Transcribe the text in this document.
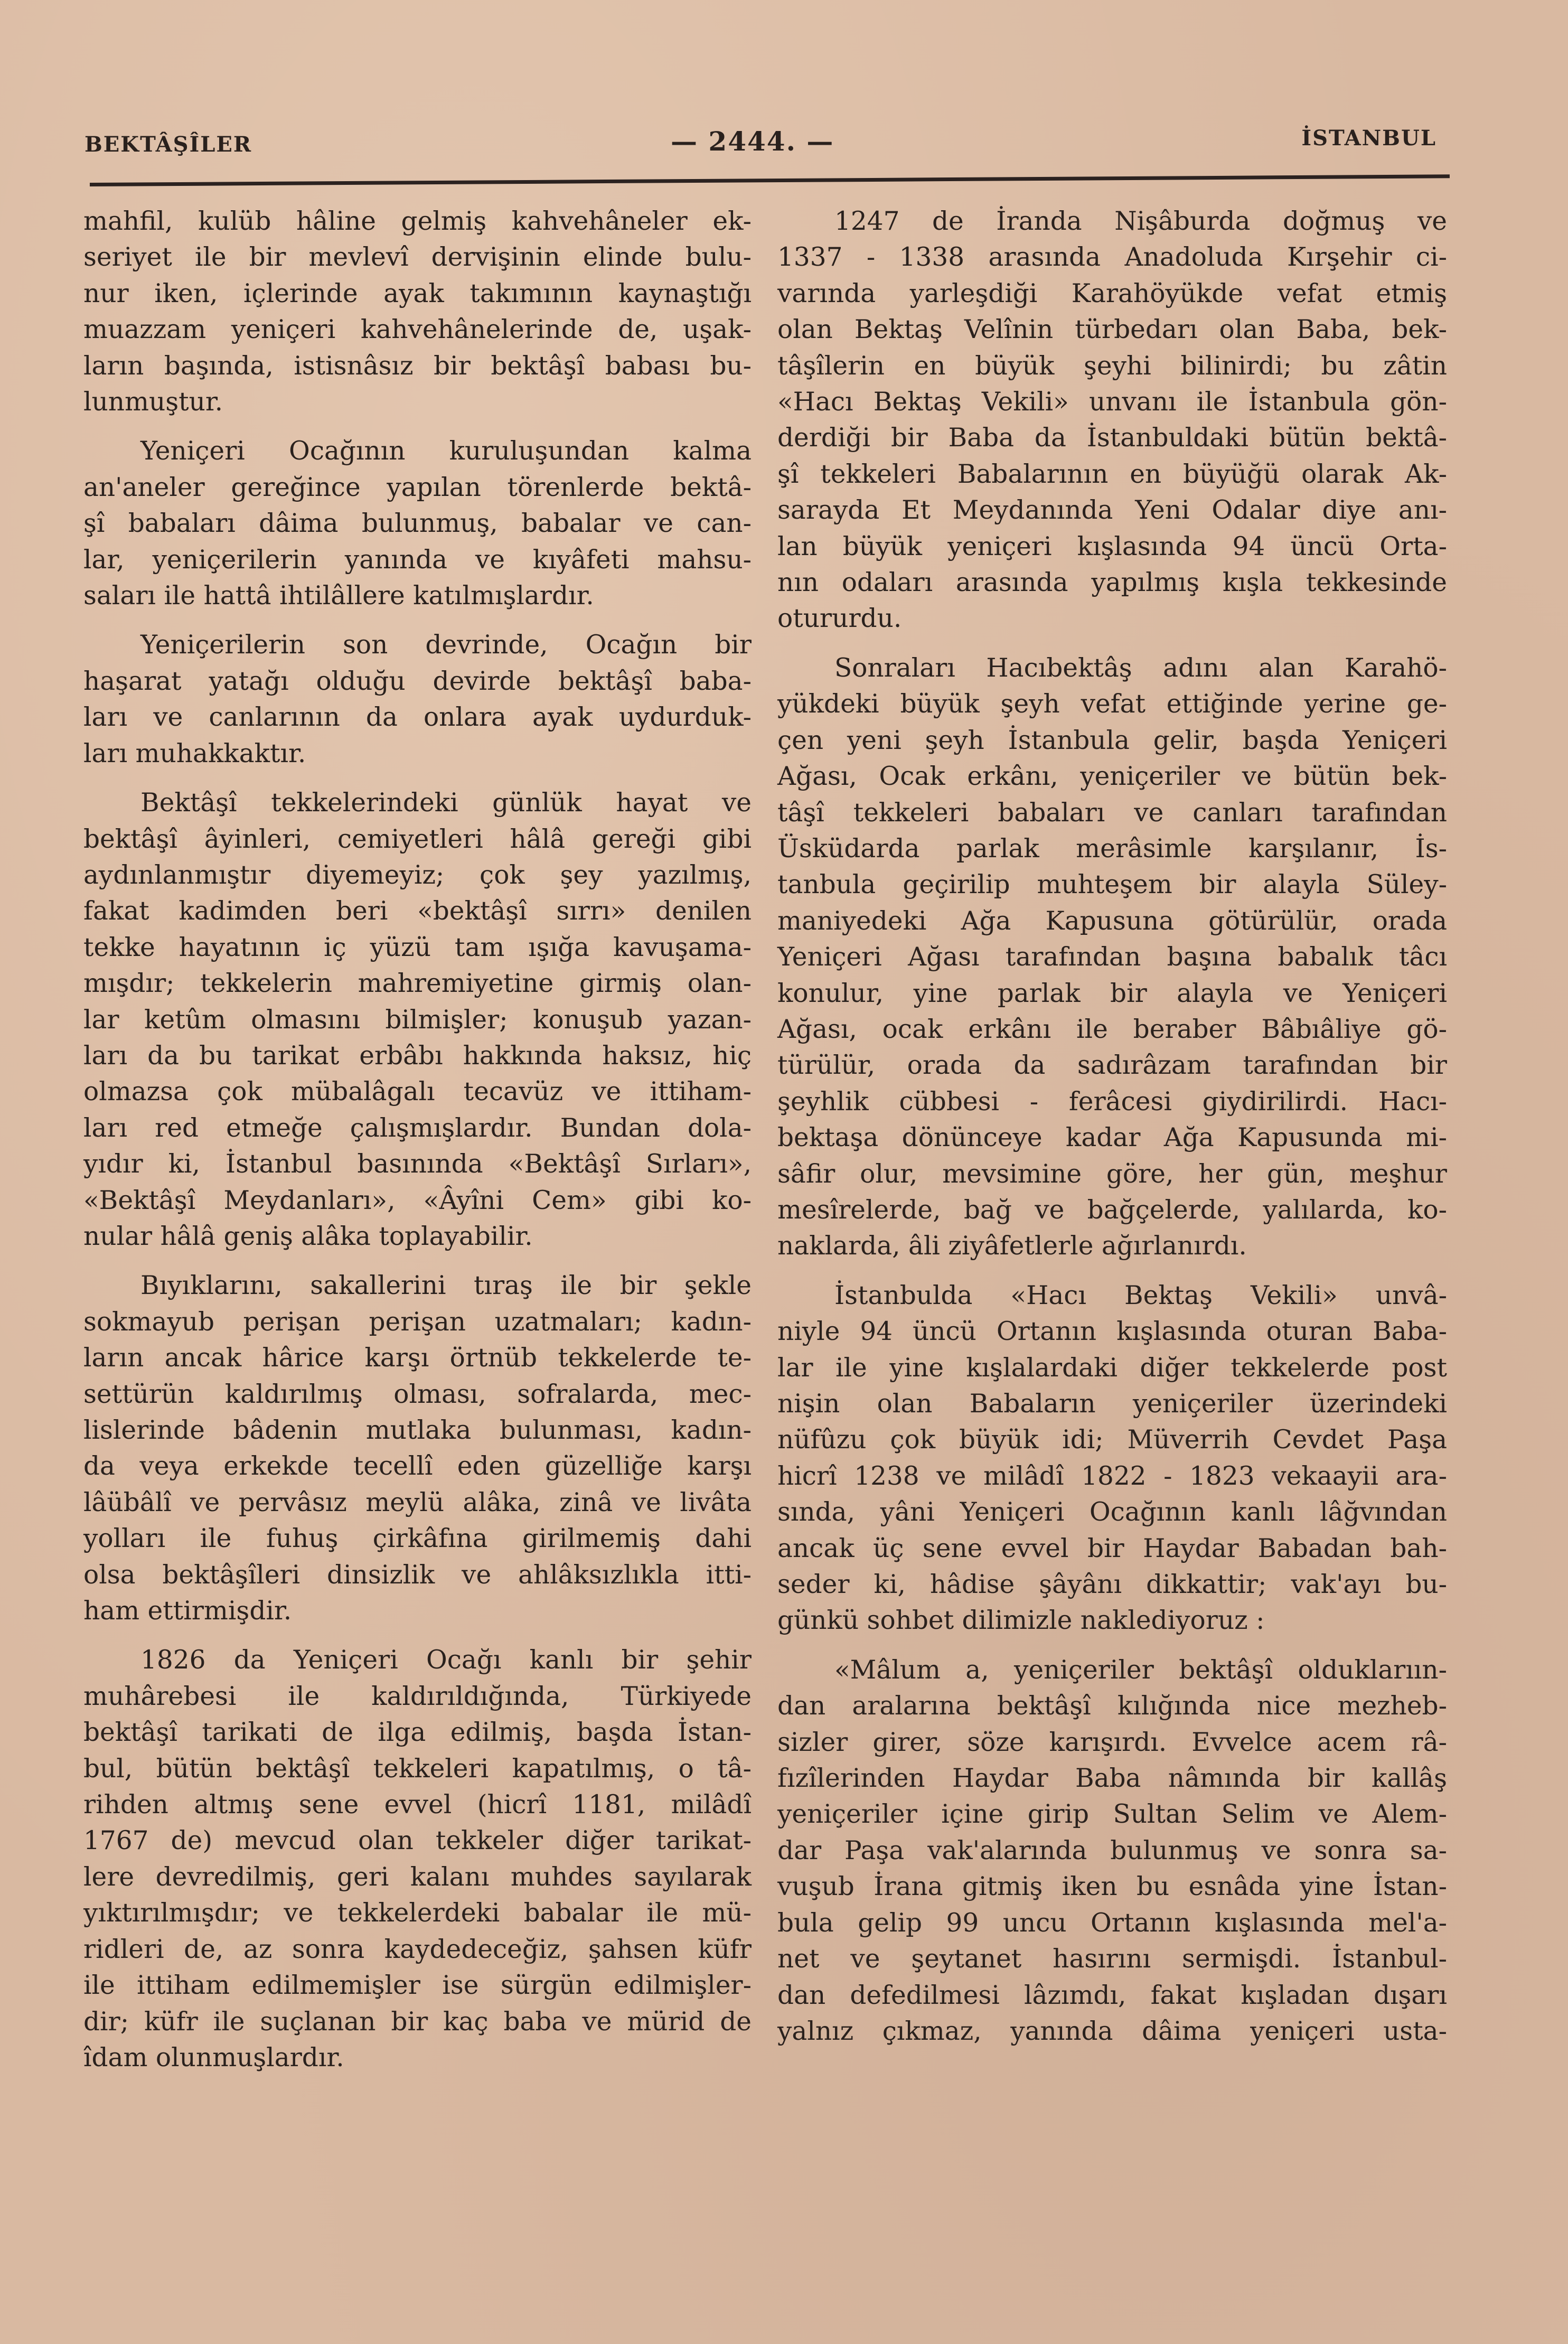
BEKTÂŞÎLER	— 2444. —	İSTANBUL
mahfil, kulüb hâline gelmiş kahvehâneler ek-
seriyet ile bir mevlevî dervişinin elinde bulu-
nur iken, içlerinde ayak takımının kaynaştığı
muazzam yeniçeri kahvehânelerinde de, uşak-
ların başında, istisnâsız bir bektâşî babası bu-
lunmuştur.
Yeniçeri Ocağının kuruluşundan kalma
an'aneler gereğince yapılan törenlerde bektâ-
şî babaları dâima bulunmuş, babalar ve can-
lar, yeniçerilerin yanında ve kıyâfeti mahsu-
saları ile hattâ ihtilâllere katılmışlardır.
Yeniçerilerin son devrinde, Ocağın bir
haşarat yatağı olduğu devirde bektâşî baba-
ları ve canlarının da onlara ayak uydurduk-
ları muhakkaktır.
Bektâşî tekkelerindeki günlük hayat ve
bektâşî âyinleri, cemiyetleri hâlâ gereği gibi
aydınlanmıştır diyemeyiz; çok şey yazılmış,
fakat kadimden beri «bektâşî sırrı» denilen
tekke hayatının iç yüzü tam ışığa kavuşama-
mışdır; tekkelerin mahremiyetine girmiş olan-
lar ketûm olmasını bilmişler; konuşub yazan-
ları da bu tarikat erbâbı hakkında haksız, hiç
olmazsa çok mübalâgalı tecavüz ve ittiham-
ları red etmeğe çalışmışlardır. Bundan dola-
yıdır ki, İstanbul basınında «Bektâşî Sırları»,
«Bektâşî Meydanları», «Âyîni Cem» gibi ko-
nular hâlâ geniş alâka toplayabilir.
Bıyıklarını, sakallerini tıraş ile bir şekle
sokmayub perişan perişan uzatmaları; kadın-
ların ancak hârice karşı örtnüb tekkelerde te-
settürün kaldırılmış olması, sofralarda, mec-
lislerinde bâdenin mutlaka bulunması, kadın-
da veya erkekde tecellî eden güzelliğe karşı
lâübâlî ve pervâsız meylü alâka, zinâ ve livâta
yolları ile fuhuş çirkâfına girilmemiş dahi
olsa bektâşîleri dinsizlik ve ahlâksızlıkla itti-
ham ettirmişdir.
1826 da Yeniçeri Ocağı kanlı bir şehir
muhârebesi ile kaldırıldığında, Türkiyede
bektâşî tarikati de ilga edilmiş, başda İstan-
bul, bütün bektâşî tekkeleri kapatılmış, o tâ-
rihden altmış sene evvel (hicrî 1181, milâdî
1767 de) mevcud olan tekkeler diğer tarikat-
lere devredilmiş, geri kalanı muhdes sayılarak
yıktırılmışdır; ve tekkelerdeki babalar ile mü-
ridleri de, az sonra kaydedeceğiz, şahsen küfr
ile ittiham edilmemişler ise sürgün edilmişler-
dir; küfr ile suçlanan bir kaç baba ve mürid de
îdam olunmuşlardır.
1247 de İranda Nişâburda doğmuş ve
1337 - 1338 arasında Anadoluda Kırşehir ci-
varında yarleşdiği Karahöyükde vefat etmiş
olan Bektaş Velînin türbedarı olan Baba, bek-
tâşîlerin en büyük şeyhi bilinirdi; bu zâtin
«Hacı Bektaş Vekili» unvanı ile İstanbula gön-
derdiği bir Baba da İstanbuldaki bütün bektâ-
şî tekkeleri Babalarının en büyüğü olarak Ak-
sarayda Et Meydanında Yeni Odalar diye anı-
lan büyük yeniçeri kışlasında 94 üncü Orta-
nın odaları arasında yapılmış kışla tekkesinde
otururdu.
Sonraları Hacıbektâş adını alan Karahö-
yükdeki büyük şeyh vefat ettiğinde yerine ge-
çen yeni şeyh İstanbula gelir, başda Yeniçeri
Ağası, Ocak erkânı, yeniçeriler ve bütün bek-
tâşî tekkeleri babaları ve canları tarafından
Üsküdarda parlak merâsimle karşılanır, İs-
tanbula geçirilip muhteşem bir alayla Süley-
maniyedeki Ağa Kapusuna götürülür, orada
Yeniçeri Ağası tarafından başına babalık tâcı
konulur, yine parlak bir alayla ve Yeniçeri
Ağası, ocak erkânı ile beraber Bâbıâliye gö-
türülür, orada da sadırâzam tarafından bir
şeyhlik cübbesi - ferâcesi giydirilirdi. Hacı-
bektaşa dönünceye kadar Ağa Kapusunda mi-
sâfir olur, mevsimine göre, her gün, meşhur
mesîrelerde, bağ ve bağçelerde, yalılarda, ko-
naklarda, âli ziyâfetlerle ağırlanırdı.
İstanbulda «Hacı Bektaş Vekili» unvâ-
niyle 94 üncü Ortanın kışlasında oturan Baba-
lar ile yine kışlalardaki diğer tekkelerde post
nişin olan Babaların yeniçeriler üzerindeki
nüfûzu çok büyük idi; Müverrih Cevdet Paşa
hicrî 1238 ve milâdî 1822 - 1823 vekaayii ara-
sında, yâni Yeniçeri Ocağının kanlı lâğvından
ancak üç sene evvel bir Haydar Babadan bah-
seder ki, hâdise şâyânı dikkattir; vak'ayı bu-
günkü sohbet dilimizle naklediyoruz :
«Mâlum a, yeniçeriler bektâşî olduklarıın-
dan aralarına bektâşî kılığında nice mezheb-
sizler girer, söze karışırdı. Evvelce acem râ-
fızîlerinden Haydar Baba nâmında bir kallâş
yeniçeriler içine girip Sultan Selim ve Alem-
dar Paşa vak'alarında bulunmuş ve sonra sa-
vuşub İrana gitmiş iken bu esnâda yine İstan-
bula gelip 99 uncu Ortanın kışlasında mel'a-
net ve şeytanet hasırını sermişdi. İstanbul-
dan defedilmesi lâzımdı, fakat kışladan dışarı
yalnız çıkmaz, yanında dâima yeniçeri usta-
